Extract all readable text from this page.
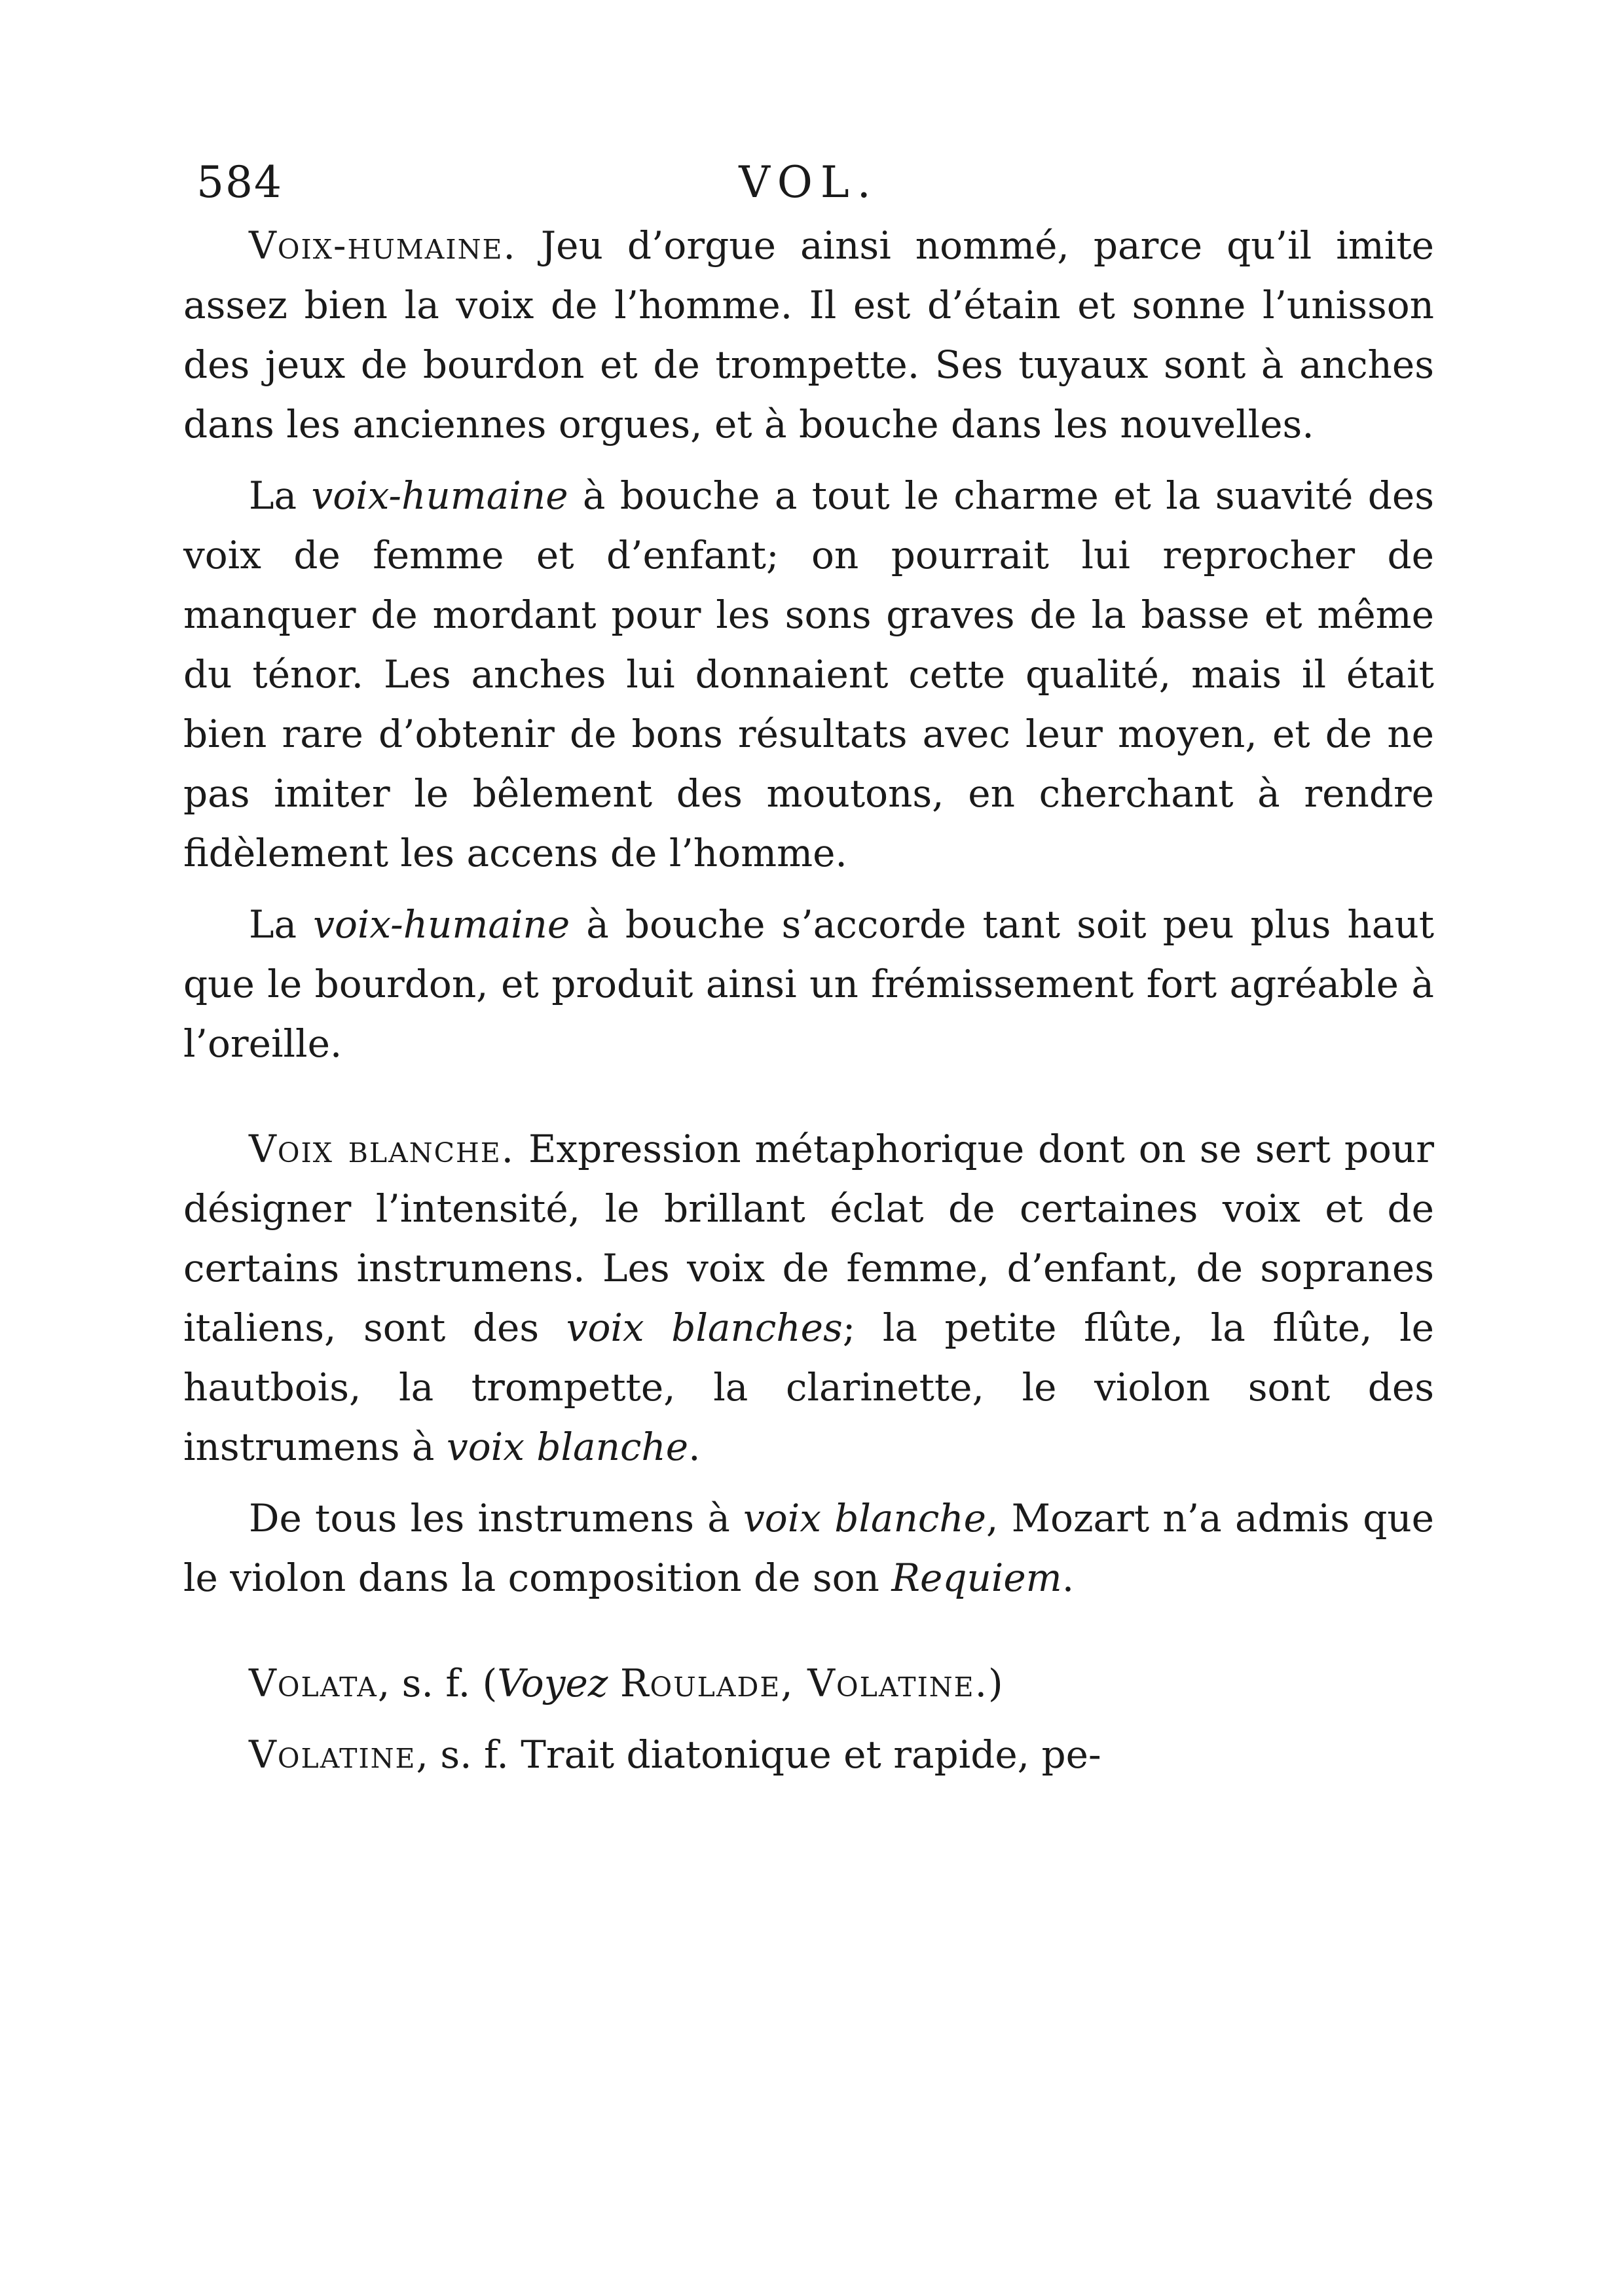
584	VOL.

Voix-humaine. Jeu d’orgue ainsi nommé, parce qu’il imite assez bien la voix de l’homme. Il est d’étain et sonne l’unisson des jeux de bourdon et de trompette. Ses tuyaux sont à anches dans les anciennes orgues, et à bouche dans les nouvelles.

La voix-humaine à bouche a tout le charme et la suavité des voix de femme et d’enfant; on pourrait lui reprocher de manquer de mordant pour les sons graves de la basse et même du ténor. Les anches lui donnaient cette qualité, mais il était bien rare d’obtenir de bons résultats avec leur moyen, et de ne pas imiter le bêlement des moutons, en cherchant à rendre fidèlement les accens de l’homme.

La voix-humaine à bouche s’accorde tant soit peu plus haut que le bourdon, et produit ainsi un frémissement fort agréable à l’oreille.

Voix blanche. Expression métaphorique dont on se sert pour désigner l’intensité, le brillant éclat de certaines voix et de certains instrumens. Les voix de femme, d’enfant, de sopranes italiens, sont des voix blanches; la petite flûte, la flûte, le hautbois, la trompette, la clarinette, le violon sont des instrumens à voix blanche.

De tous les instrumens à voix blanche, Mozart n’a admis que le violon dans la composition de son Requiem.

Volata, s. f. (Voyez Roulade, Volatine.)

Volatine, s. f. Trait diatonique et rapide, pe-
